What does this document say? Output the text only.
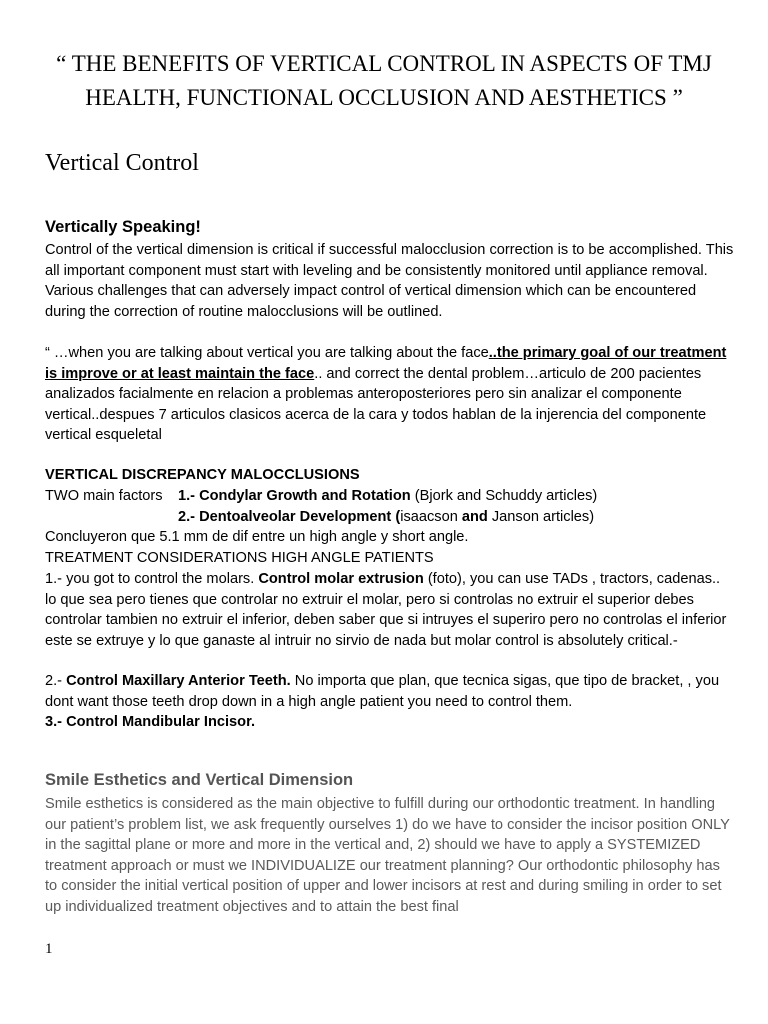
“ THE BENEFITS OF VERTICAL CONTROL IN ASPECTS OF TMJ HEALTH, FUNCTIONAL OCCLUSION AND AESTHETICS ”
Vertical Control
Vertically Speaking!

Control of the vertical dimension is critical if successful malocclusion correction is to be accomplished. This all important component must start with leveling and be consistently monitored until appliance removal. Various challenges that can adversely impact control of vertical dimension which can be encountered during the correction of routine malocclusions will be outlined.

“ …when you are talking about vertical you are talking about the face..the primary goal of our treatment is improve or at least maintain the face.. and correct the dental problem…articulo de 200 pacientes analizados facialmente en relacion a problemas anteroposteriores pero sin analizar el componente vertical..despues 7 articulos clasicos acerca de la cara y todos hablan de la injerencia del componente vertical esqueletal

VERTICAL DISCREPANCY MALOCCLUSIONS

TWO main factors 1.- Condylar Growth and Rotation (Bjork and Schuddy articles)

2.- Dentoalveolar Development (isaacson and Janson articles)

Concluyeron que 5.1 mm de dif entre un high angle y short angle.

TREATMENT CONSIDERATIONS HIGH ANGLE PATIENTS

1.- you got to control the molars. Control molar extrusion (foto), you can use TADs , tractors, cadenas.. lo que sea pero tienes que controlar no extruir el molar, pero si controlas no extruir el superior debes controlar tambien no extruir el inferior, deben saber que si intruyes el superiro pero no controlas el inferior este se extruye y lo que ganaste al intruir no sirvio de nada but molar control is absolutely critical.-

2.- Control Maxillary Anterior Teeth. No importa que plan, que tecnica sigas, que tipo de bracket, , you dont want those teeth drop down in a high angle patient you need to control them.

3.- Control Mandibular Incisor.

Smile Esthetics and Vertical Dimension

Smile esthetics is considered as the main objective to fulfill during our orthodontic treatment. In handling our patient’s problem list, we ask frequently ourselves 1) do we have to consider the incisor position ONLY in the sagittal plane or more and more in the vertical and, 2) should we have to apply a SYSTEMIZED treatment approach or must we INDIVIDUALIZE our treatment planning? Our orthodontic philosophy has to consider the initial vertical position of upper and lower incisors at rest and during smiling in order to set up individualized treatment objectives and to attain the best final

1
